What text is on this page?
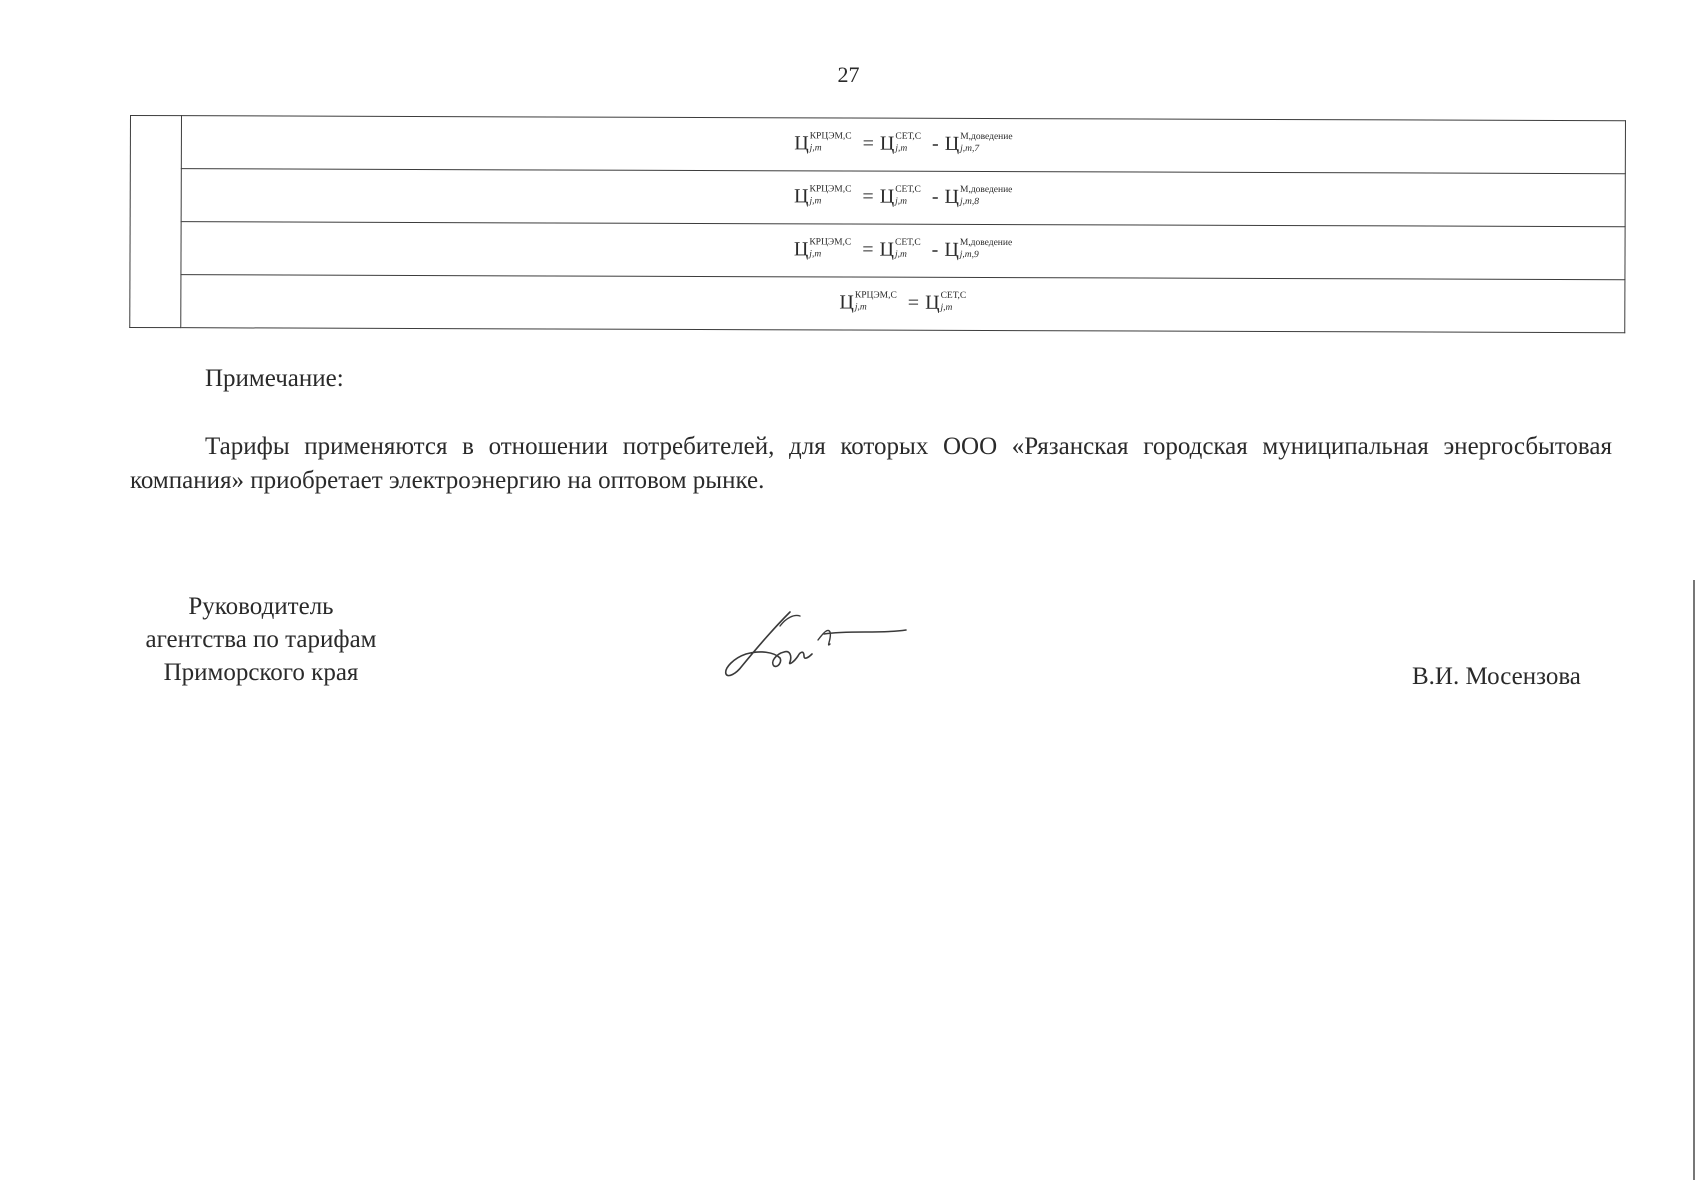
27
	Ц КРЦЭМ,С
j,m	= Ц СЕТ,С
j,m	- Ц М,доведение
j,m,7

Ц КРЦЭМ,С
j,m	= Ц СЕТ,С
j,m	- Ц М,доведение
j,m,8

Ц КРЦЭМ,С
j,m	= Ц СЕТ,С
j,m	- Ц М,доведение
j,m,9

Ц КРЦЭМ,С
j,m	= Ц СЕТ,С
j,m
Примечание:
Тарифы применяются в отношении потребителей, для которых ООО «Рязанская городская муниципальная энергосбытовая компания» приобретает электроэнергию на оптовом рынке.
Руководитель
агентства по тарифам
Приморского края	В.И. Мосензова
